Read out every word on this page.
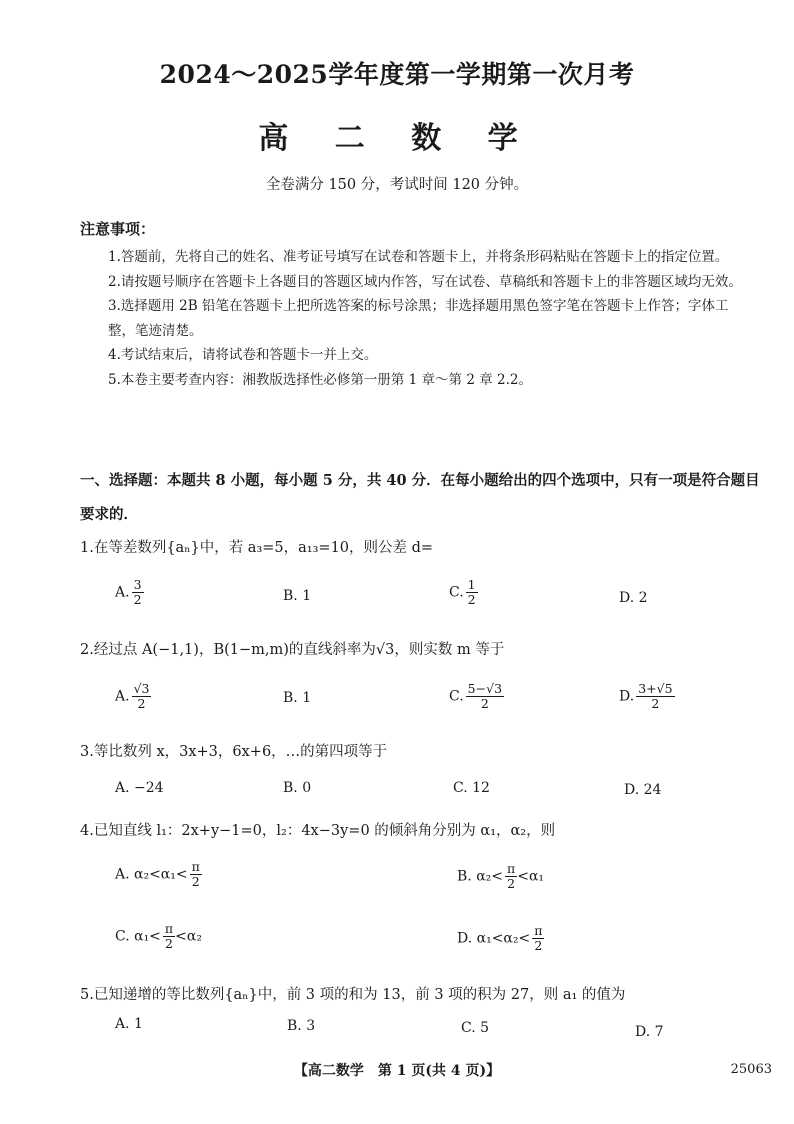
2024～2025学年度第一学期第一次月考
高 二 数 学
全卷满分 150 分，考试时间 120 分钟。
注意事项：

1.答题前，先将自己的姓名、准考证号填写在试卷和答题卡上，并将条形码粘贴在答题卡上的指定位置。

2.请按题号顺序在答题卡上各题目的答题区域内作答，写在试卷、草稿纸和答题卡上的非答题区域均无效。

3.选择题用 2B 铅笔在答题卡上把所选答案的标号涂黑；非选择题用黑色签字笔在答题卡上作答；字体工整，笔迹清楚。

4.考试结束后，请将试卷和答题卡一并上交。

5.本卷主要考查内容：湘教版选择性必修第一册第 1 章～第 2 章 2.2。

一、选择题：本题共 8 小题，每小题 5 分，共 40 分．在每小题给出的四个选项中，只有一项是符合题目要求的．
1.在等差数列{aₙ}中，若 a₃=5，a₁₃=10，则公差 d=
A. $\frac{3}{2}$	B. 1	C. $\frac{1}{2}$	D. 2
2.经过点 A(−1,1)，B(1−m,m)的直线斜率为√3，则实数 m 等于
A. $\frac{√3}{2}$	B. 1	C. $\frac{5-√3}{2}$	D. $\frac{3+√5}{2}$
3.等比数列 x，3x+3，6x+6，…的第四项等于
A. −24	B. 0	C. 12	D. 24
4.已知直线 l₁：2x+y−1=0，l₂：4x−3y=0 的倾斜角分别为 α₁，α₂，则
A. $\alpha_2<\alpha_1< \frac{\pi}{2}$	B. $\alpha_2< \frac{\pi}{2} <\alpha_1$
C. $\alpha_1< \frac{\pi}{2} <\alpha_2$	D. $\alpha_1<\alpha_2< \frac{\pi}{2}$
5.已知递增的等比数列{aₙ}中，前 3 项的和为 13，前 3 项的积为 27，则 a₁ 的值为
A. 1	B. 3	C. 5	D. 7
【高二数学　第 1 页(共 4 页)】	25063
